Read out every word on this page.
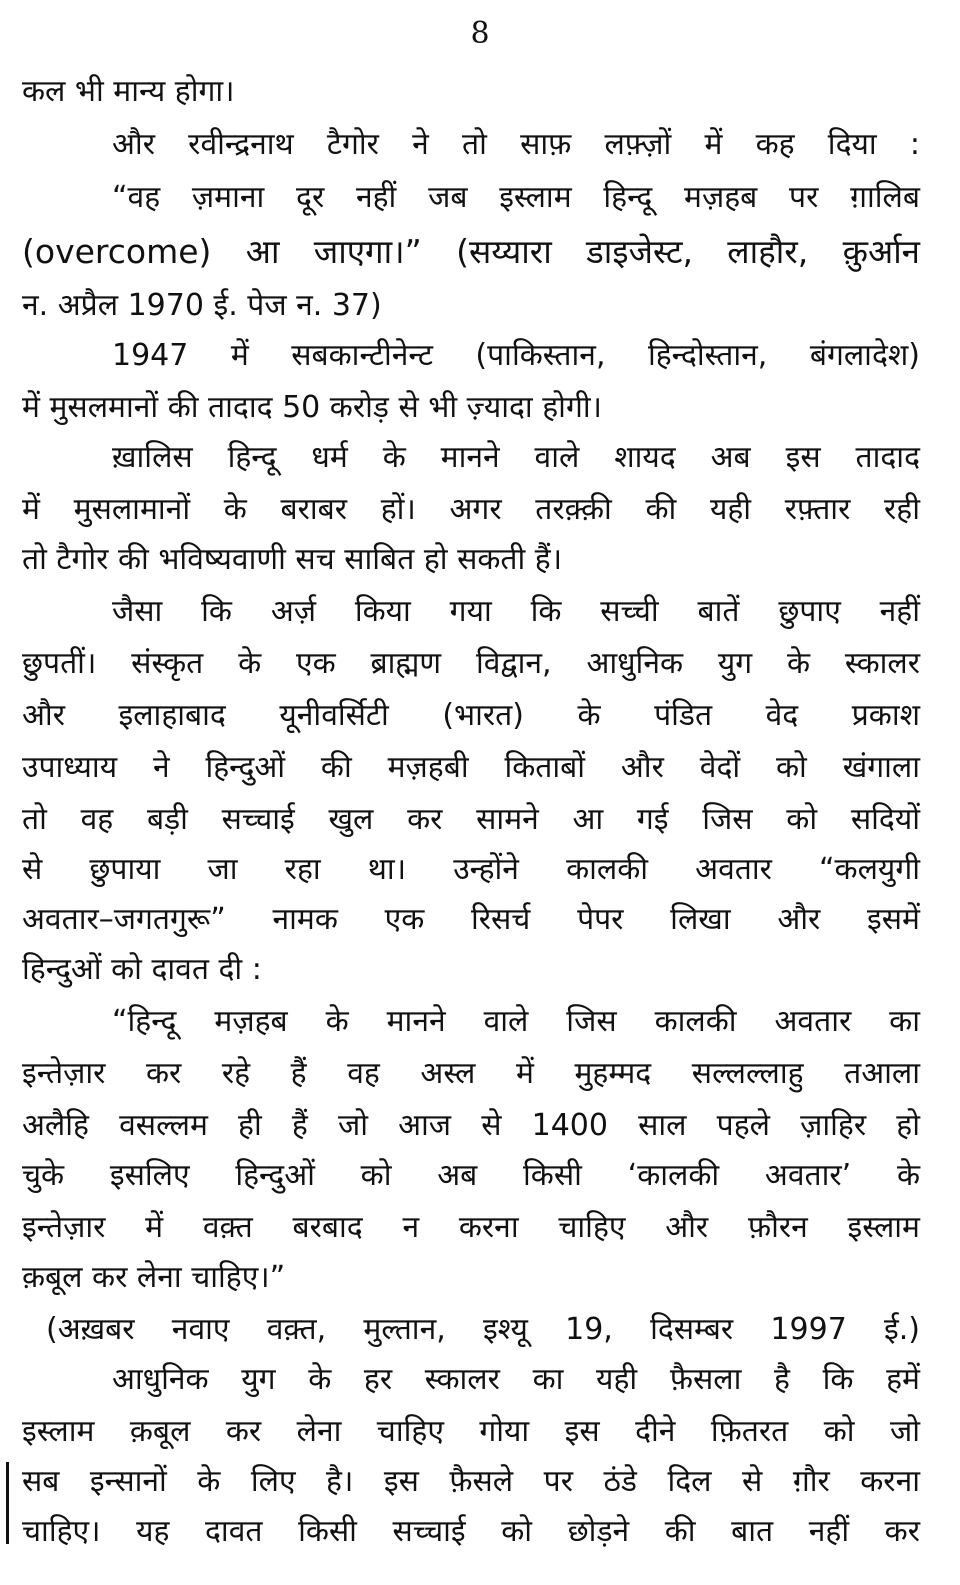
8
कल भी मान्य होगा।
और रवीन्द्रनाथ टैगोर ने तो साफ़ लफ़्ज़ों में कह दिया :
“वह ज़माना दूर नहीं जब इस्लाम हिन्दू मज़हब पर ग़ालिब
(overcome) आ जाएगा।” (सय्यारा डाइजेस्ट, लाहौर, क़ुर्आन
न. अप्रैल 1970 ई. पेज न. 37)
1947 में सबकान्टीनेन्ट (पाकिस्तान, हिन्दोस्तान, बंगलादेश)
में मुसलमानों की तादाद 50 करोड़ से भी ज़्यादा होगी।
ख़ालिस हिन्दू धर्म के मानने वाले शायद अब इस तादाद
में मुसलामानों के बराबर हों। अगर तरक़्क़ी की यही रफ़्तार रही
तो टैगोर की भविष्यवाणी सच साबित हो सकती हैं।
जैसा कि अर्ज़ किया गया कि सच्ची बातें छुपाए नहीं
छुपतीं। संस्कृत के एक ब्राह्मण विद्वान, आधुनिक युग के स्कालर
और इलाहाबाद यूनीवर्सिटी (भारत) के पंडित वेद प्रकाश
उपाध्याय ने हिन्दुओं की मज़हबी किताबों और वेदों को खंगाला
तो वह बड़ी सच्चाई खुल कर सामने आ गई जिस को सदियों
से छुपाया जा रहा था। उन्होंने कालकी अवतार “कलयुगी
अवतार–जगतगुरू” नामक एक रिसर्च पेपर लिखा और इसमें
हिन्दुओं को दावत दी :
“हिन्दू मज़हब के मानने वाले जिस कालकी अवतार का
इन्तेज़ार कर रहे हैं वह अस्ल में मुहम्मद सल्लल्लाहु तआला
अलैहि वसल्लम ही हैं जो आज से 1400 साल पहले ज़ाहिर हो
चुके इसलिए हिन्दुओं को अब किसी ‘कालकी अवतार’ के
इन्तेज़ार में वक़्त बरबाद न करना चाहिए और फ़ौरन इस्लाम
क़बूल कर लेना चाहिए।”
(अख़बर नवाए वक़्त, मुल्तान, इश्यू 19, दिसम्बर 1997 ई.)
आधुनिक युग के हर स्कालर का यही फ़ैसला है कि हमें
इस्लाम क़बूल कर लेना चाहिए गोया इस दीने फ़ितरत को जो
सब इन्सानों के लिए है। इस फ़ैसले पर ठंडे दिल से ग़ौर करना
चाहिए। यह दावत किसी सच्चाई को छोड़ने की बात नहीं कर
